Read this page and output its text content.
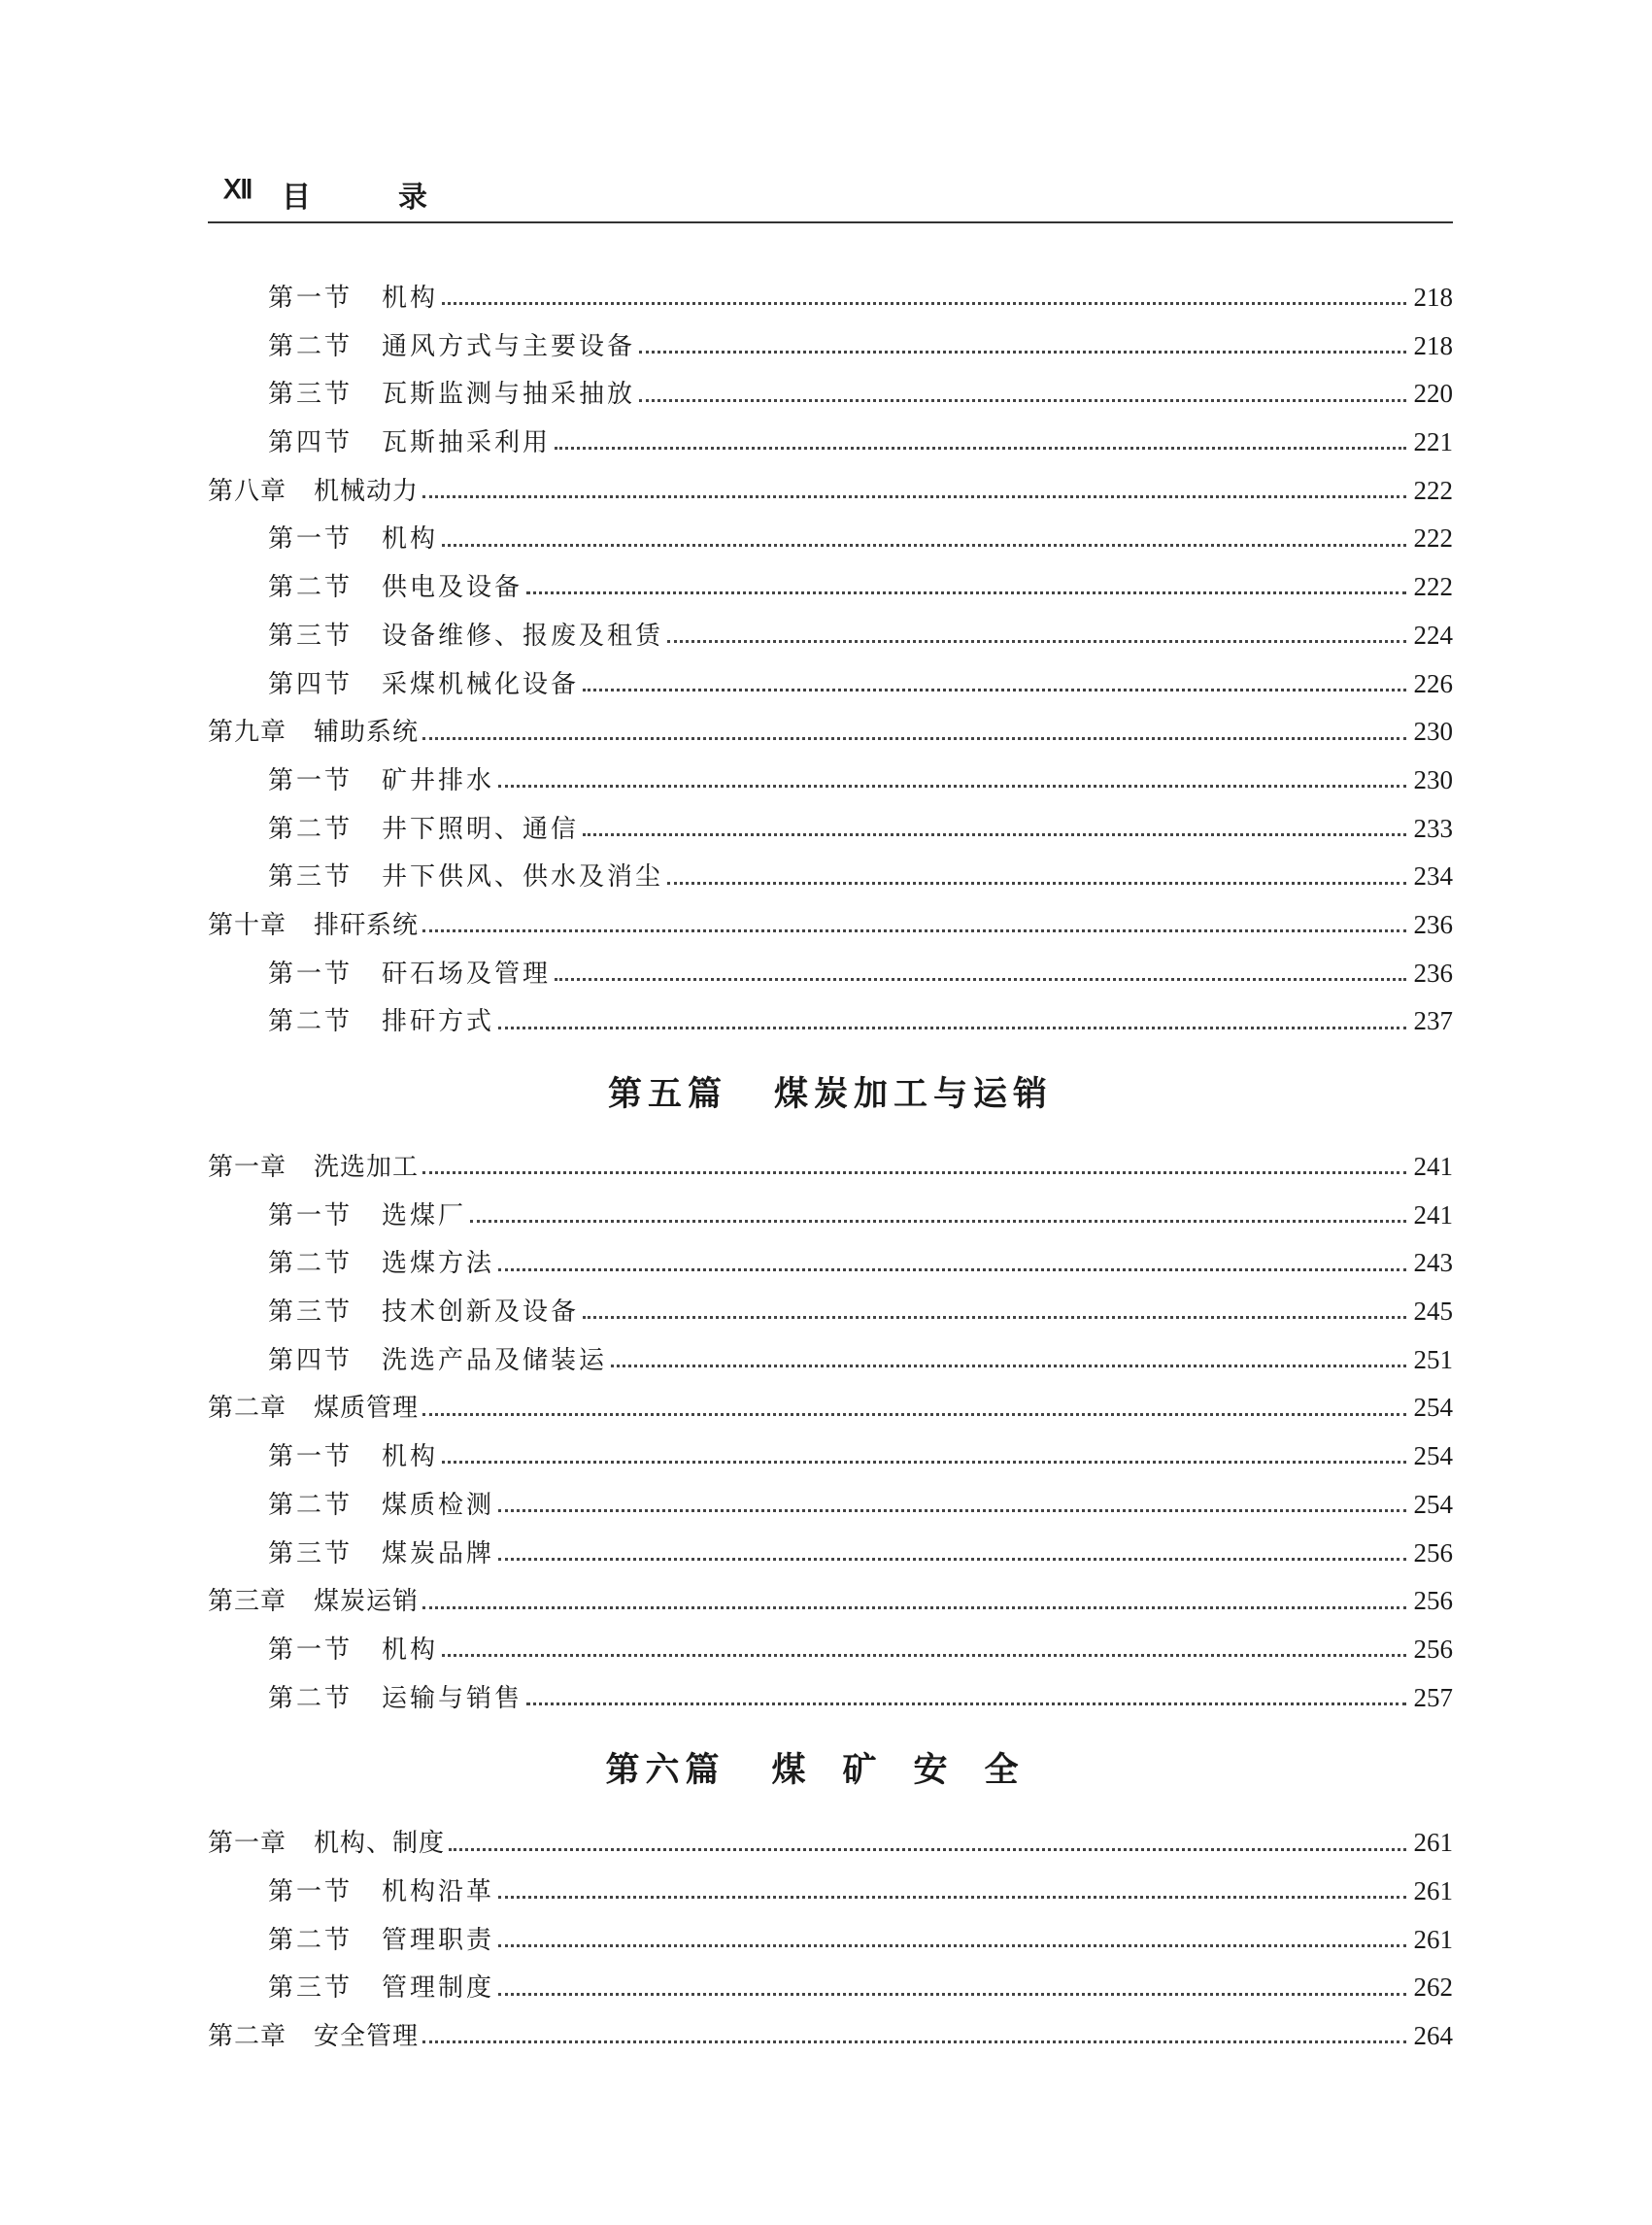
Ⅻ 目	录
第一节 机构	218
第二节 通风方式与主要设备	218
第三节 瓦斯监测与抽采抽放	220
第四节 瓦斯抽采利用	221
第八章 机械动力	222
第一节 机构	222
第二节 供电及设备	222
第三节 设备维修、报废及租赁	224
第四节 采煤机械化设备	226
第九章 辅助系统	230
第一节 矿井排水	230
第二节 井下照明、通信	233
第三节 井下供风、供水及消尘	234
第十章 排矸系统	236
第一节 矸石场及管理	236
第二节 排矸方式	237
第五篇 煤炭加工与运销
第一章 洗选加工	241
第一节 选煤厂	241
第二节 选煤方法	243
第三节 技术创新及设备	245
第四节 洗选产品及储装运	251
第二章 煤质管理	254
第一节 机构	254
第二节 煤质检测	254
第三节 煤炭品牌	256
第三章 煤炭运销	256
第一节 机构	256
第二节 运输与销售	257
第六篇 煤矿安全
第一章 机构、制度	261
第一节 机构沿革	261
第二节 管理职责	261
第三节 管理制度	262
第二章 安全管理	264
